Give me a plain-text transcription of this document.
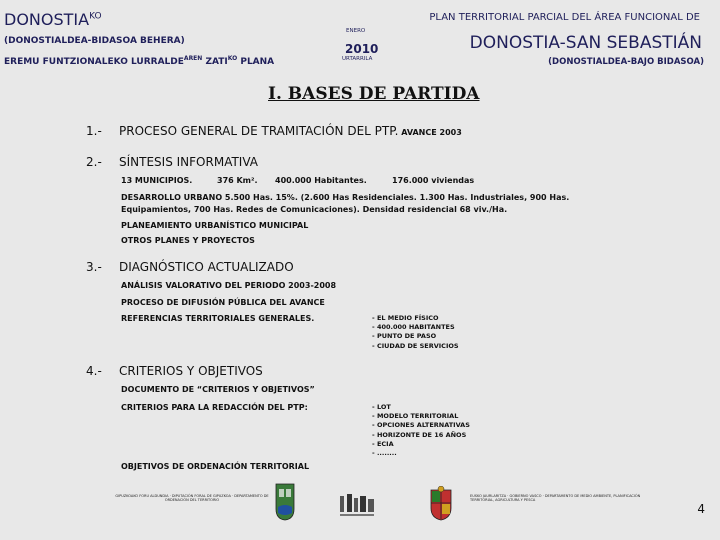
$DONOSTIA^{KO}$
(DONOSTIALDEA-BIDASOA BEHERA)
EREMU FUNTZIONALEKO $LURRALDE^{AREN}$ $ZATI^{KO}$ PLANA
ENERO
2010
URTARRILA
PLAN TERRITORIAL PARCIAL DEL ÁREA FUNCIONAL DE
DONOSTIA-SAN SEBASTIÁN
(DONOSTIALDEA-BAJO BIDASOA)
I. BASES DE PARTIDA
1.- PROCESO GENERAL DE TRAMITACIÓN DEL PTP. AVANCE 2003
2.- SÍNTESIS INFORMATIVA
13 MUNICIPIOS.	376 Km². 400.000 Habitantes.	176.000 viviendas
DESARROLLO URBANO 5.500 Has. 15%. (2.600 Has Residenciales. 1.300 Has. Industriales, 900 Has.
Equipamientos, 700 Has. Redes de Comunicaciones). Densidad residencial 68 viv./Ha.
PLANEAMIENTO URBANÍSTICO MUNICIPAL
OTROS PLANES Y PROYECTOS
3.- DIAGNÓSTICO ACTUALIZADO
ANÁLISIS VALORATIVO DEL PERIODO 2003-2008
PROCESO DE DIFUSIÓN PÚBLICA DEL AVANCE
REFERENCIAS TERRITORIALES GENERALES.	- EL MEDIO FÍSICO
- 400.000 HABITANTES
- PUNTO DE PASO
- CIUDAD DE SERVICIOS
4.- CRITERIOS Y OBJETIVOS
DOCUMENTO DE “CRITERIOS Y OBJETIVOS”
CRITERIOS PARA LA REDACCIÓN DEL PTP:	- LOT
- MODELO TERRITORIAL
- OPCIONES ALTERNATIVAS
- HORIZONTE DE 16 AÑOS
- ECIA
- ........
OBJETIVOS DE ORDENACIÓN TERRITORIAL
GIPUZKOAKO FORU ALDUNDIA · DIPUTACIÓN FORAL DE GIPUZKOA · DEPARTAMENTO DE ORDENACIÓN DEL TERRITORIO
EUSKO JAURLARITZA · GOBIERNO VASCO · DEPARTAMENTO DE MEDIO AMBIENTE, PLANIFICACIÓN TERRITORIAL, AGRICULTURA Y PESCA
4
